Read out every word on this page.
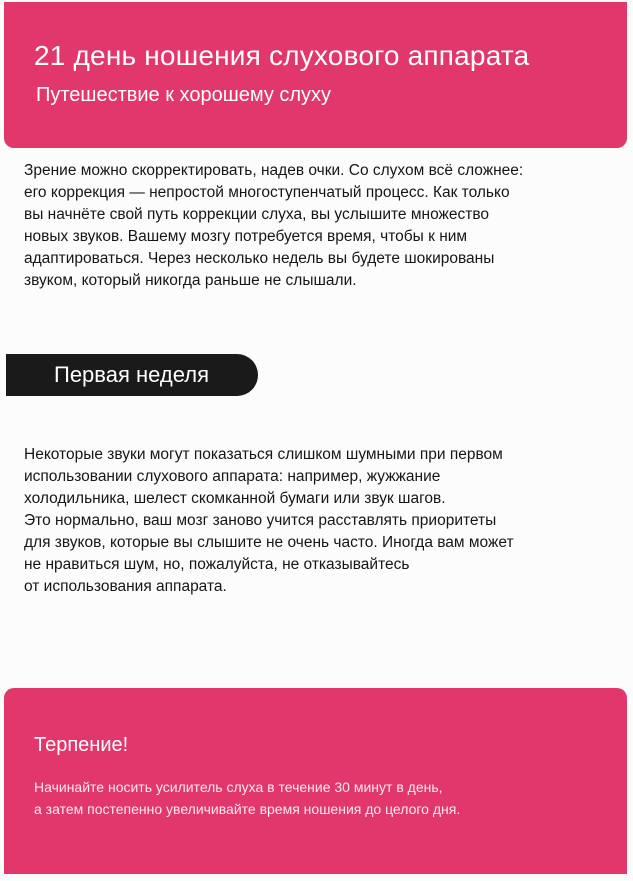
21 день ношения слухового аппарата
Путешествие к хорошему слуху
Зрение можно скорректировать, надев очки. Со слухом всё сложнее:
его коррекция — непростой многоступенчатый процесс. Как только
вы начнёте свой путь коррекции слуха, вы услышите множество
новых звуков. Вашему мозгу потребуется время, чтобы к ним
адаптироваться. Через несколько недель вы будете шокированы
звуком, который никогда раньше не слышали.
Первая неделя
Некоторые звуки могут показаться слишком шумными при первом
использовании слухового аппарата: например, жужжание
холодильника, шелест скомканной бумаги или звук шагов.
Это нормально, ваш мозг заново учится расставлять приоритеты
для звуков, которые вы слышите не очень часто. Иногда вам может
не нравиться шум, но, пожалуйста, не отказывайтесь
от использования аппарата.
Терпение!
Начинайте носить усилитель слуха в течение 30 минут в день,
а затем постепенно увеличивайте время ношения до целого дня.
